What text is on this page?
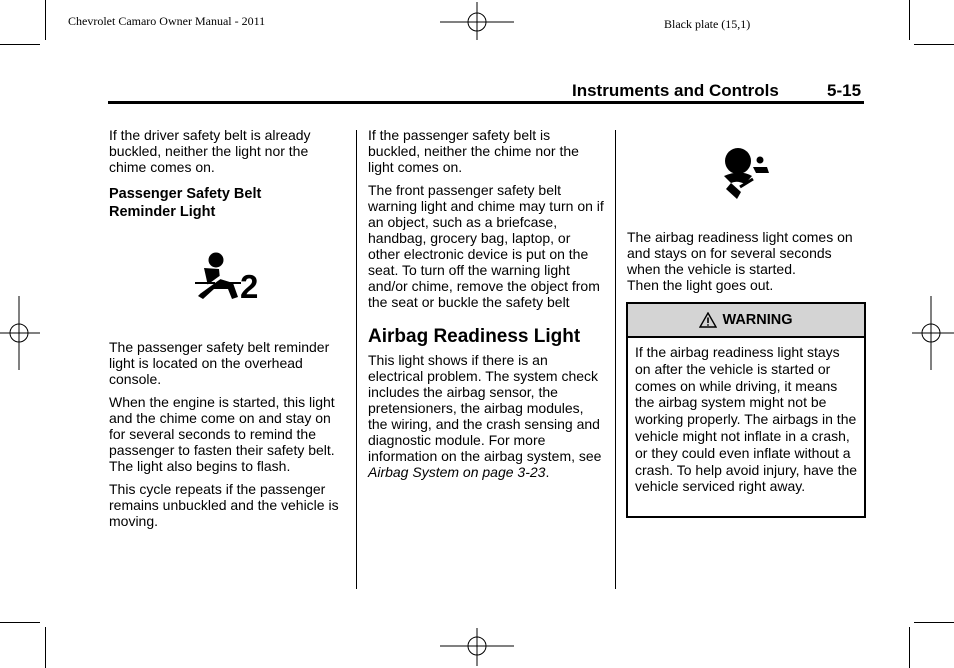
Chevrolet Camaro Owner Manual - 2011	Black plate (15,1)
Instruments and Controls	5-15

If the driver safety belt is already buckled, neither the light nor the chime comes on.

Passenger Safety Belt
Reminder Light
2

The passenger safety belt reminder light is located on the overhead console.

When the engine is started, this light and the chime come on and stay on for several seconds to remind the passenger to fasten their safety belt. The light also begins to flash.

This cycle repeats if the passenger remains unbuckled and the vehicle is moving.

If the passenger safety belt is buckled, neither the chime nor the light comes on.

The front passenger safety belt warning light and chime may turn on if an object, such as a briefcase, handbag, grocery bag, laptop, or other electronic device is put on the seat. To turn off the warning light and/or chime, remove the object from the seat or buckle the safety belt

Airbag Readiness Light

This light shows if there is an electrical problem. The system check includes the airbag sensor, the pretensioners, the airbag modules, the wiring, and the crash sensing and diagnostic module. For more information on the airbag system, see Airbag System on page 3-23.

The airbag readiness light comes on and stays on for several seconds when the vehicle is started.
Then the light goes out.

WARNING
If the airbag readiness light stays on after the vehicle is started or comes on while driving, it means the airbag system might not be working properly. The airbags in the vehicle might not inflate in a crash, or they could even inflate without a crash. To help avoid injury, have the vehicle serviced right away.
